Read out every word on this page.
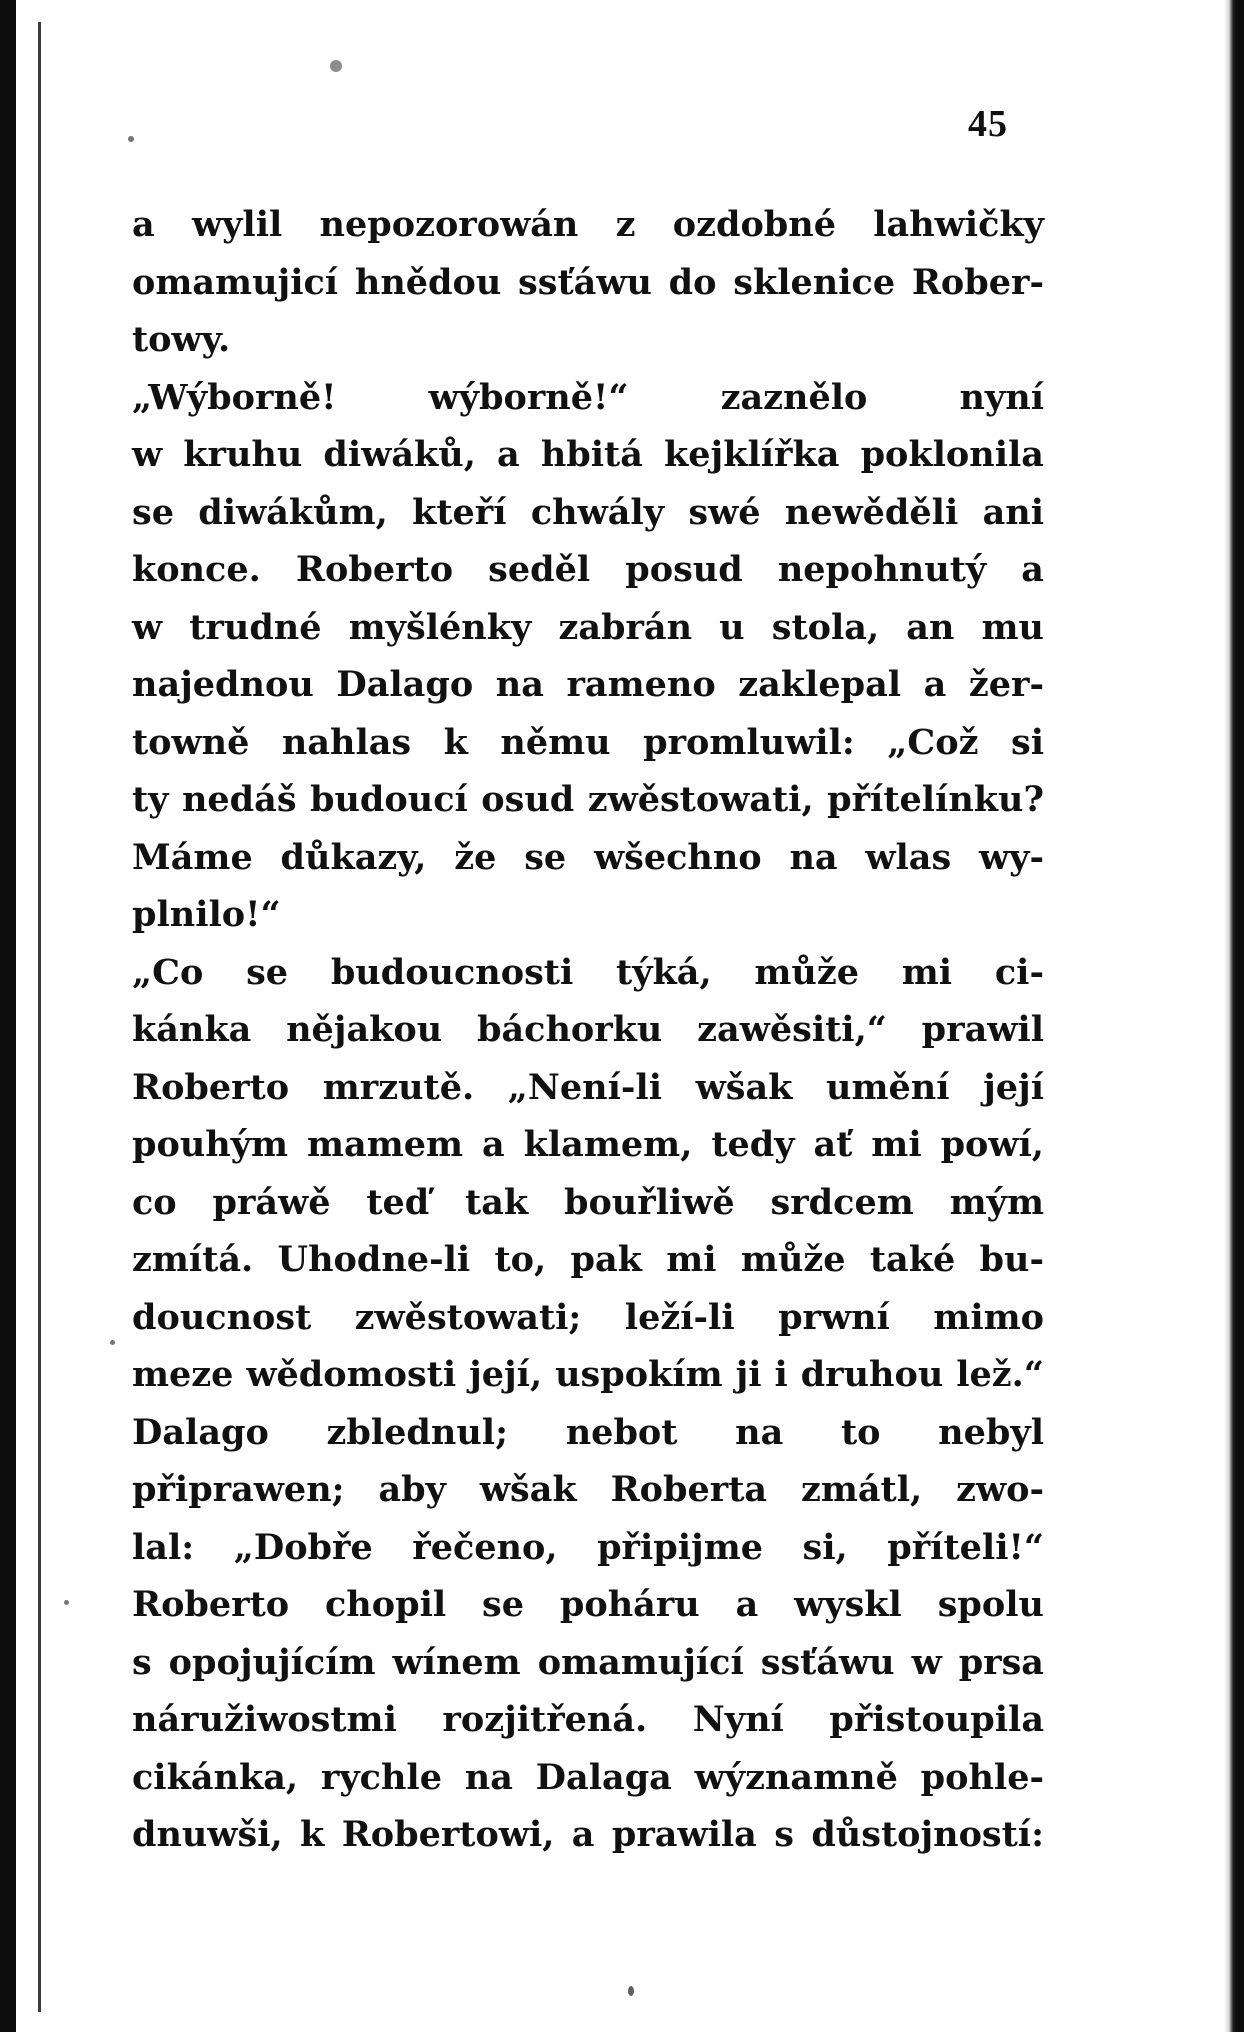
45
a wylil nepozorowán z ozdobné lahwičky
omamujicí hnědou ssťáwu do sklenice Rober-
towy.
„Wýborně! wýborně!“ zaznělo nyní
w kruhu diwáků, a hbitá kejklířka poklonila
se diwákům, kteří chwály swé newěděli ani
konce. Roberto seděl posud nepohnutý a
w trudné myšlénky zabrán u stola, an mu
najednou Dalago na rameno zaklepal a žer-
towně nahlas k němu promluwil: „Což si
ty nedáš budoucí osud zwěstowati, přítelínku?
Máme důkazy, že se wšechno na wlas wy-
plnilo!“
„Co se budoucnosti týká, může mi ci-
kánka nějakou báchorku zawěsiti,“ prawil
Roberto mrzutě. „Není-li wšak umění její
pouhým mamem a klamem, tedy ať mi powí,
co práwě teď tak bouřliwě srdcem mým
zmítá. Uhodne-li to, pak mi může také bu-
doucnost zwěstowati; leží-li prwní mimo
meze wědomosti její, uspokím ji i druhou lež.“
Dalago zblednul; nebot na to nebyl
připrawen; aby wšak Roberta zmátl, zwo-
lal: „Dobře řečeno, připijme si, příteli!“
Roberto chopil se poháru a wyskl spolu
s opojujícím wínem omamující ssťáwu w prsa
náružiwostmi rozjitřená. Nyní přistoupila
cikánka, rychle na Dalaga wýznamně pohle-
dnuwši, k Robertowi, a prawila s důstojností:
